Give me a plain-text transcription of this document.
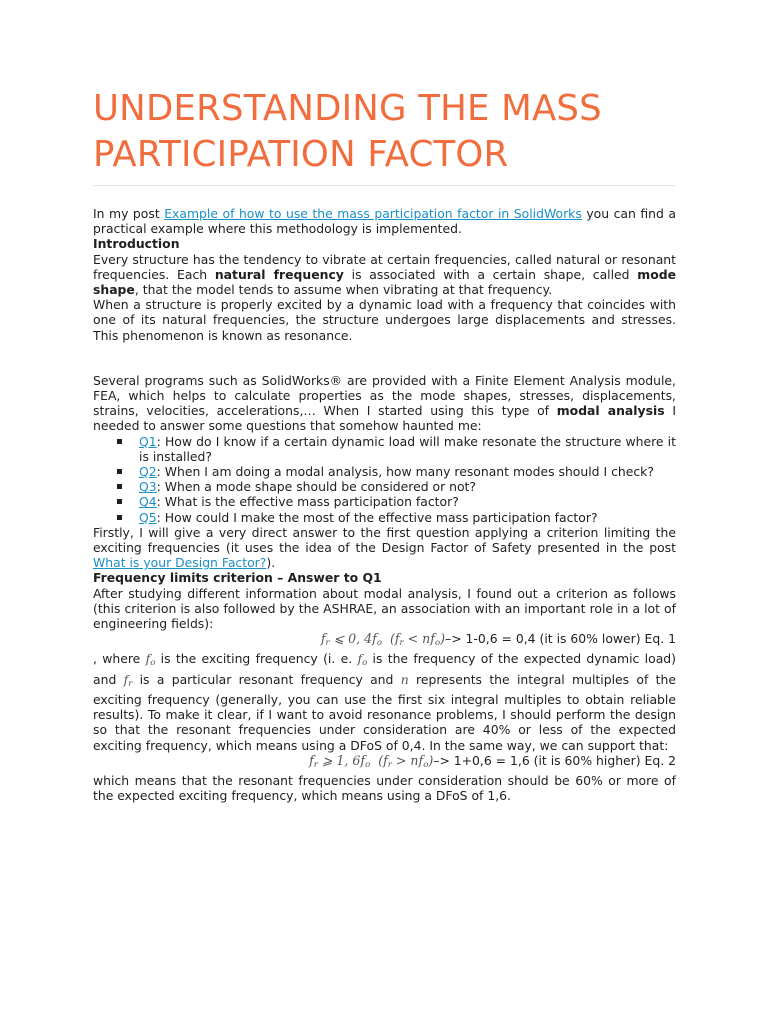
UNDERSTANDING THE MASS PARTICIPATION FACTOR

In my post Example of how to use the mass participation factor in SolidWorks you can find a practical example where this methodology is implemented.

Introduction

Every structure has the tendency to vibrate at certain frequencies, called natural or resonant frequencies. Each natural frequency is associated with a certain shape, called mode shape, that the model tends to assume when vibrating at that frequency.

When a structure is properly excited by a dynamic load with a frequency that coincides with one of its natural frequencies, the structure undergoes large displacements and stresses. This phenomenon is known as resonance.

Several programs such as SolidWorks® are provided with a Finite Element Analysis module, FEA, which helps to calculate properties as the mode shapes, stresses, displacements, strains, velocities, accelerations,… When I started using this type of modal analysis I needed to answer some questions that somehow haunted me:

Q1: How do I know if a certain dynamic load will make resonate the structure where it is installed?
Q2: When I am doing a modal analysis, how many resonant modes should I check?
Q3: When a mode shape should be considered or not?
Q4: What is the effective mass participation factor?
Q5: How could I make the most of the effective mass participation factor?

Firstly, I will give a very direct answer to the first question applying a criterion limiting the exciting frequencies (it uses the idea of the Design Factor of Safety presented in the post What is your Design Factor?).

Frequency limits criterion – Answer to Q1

After studying different information about modal analysis, I found out a criterion as follows (this criterion is also followed by the ASHRAE, an association with an important role in a lot of engineering fields):

$f_r$ ⩽ 0, $4f_o$ $(f_r < nf_o)-> 1-0,6 = 0,4$ (it is 60% lower) Eq. 1

, where $f_o$ is the exciting frequency (i. e. $f_o$ is the frequency of the expected dynamic load) and $f_r$ is a particular resonant frequency and n represents the integral multiples of the exciting frequency (generally, you can use the first six integral multiples to obtain reliable results). To make it clear, if I want to avoid resonance problems, I should perform the design so that the resonant frequencies under consideration are 40% or less of the expected exciting frequency, which means using a DFoS of 0,4. In the same way, we can support that:

$f_r$ ⩾ 1, $6f_o$ $(f_r > nf_o)-> 1+0,6 = 1,6$ (it is 60% higher) Eq. 2

which means that the resonant frequencies under consideration should be 60% or more of the expected exciting frequency, which means using a DFoS of 1,6.
